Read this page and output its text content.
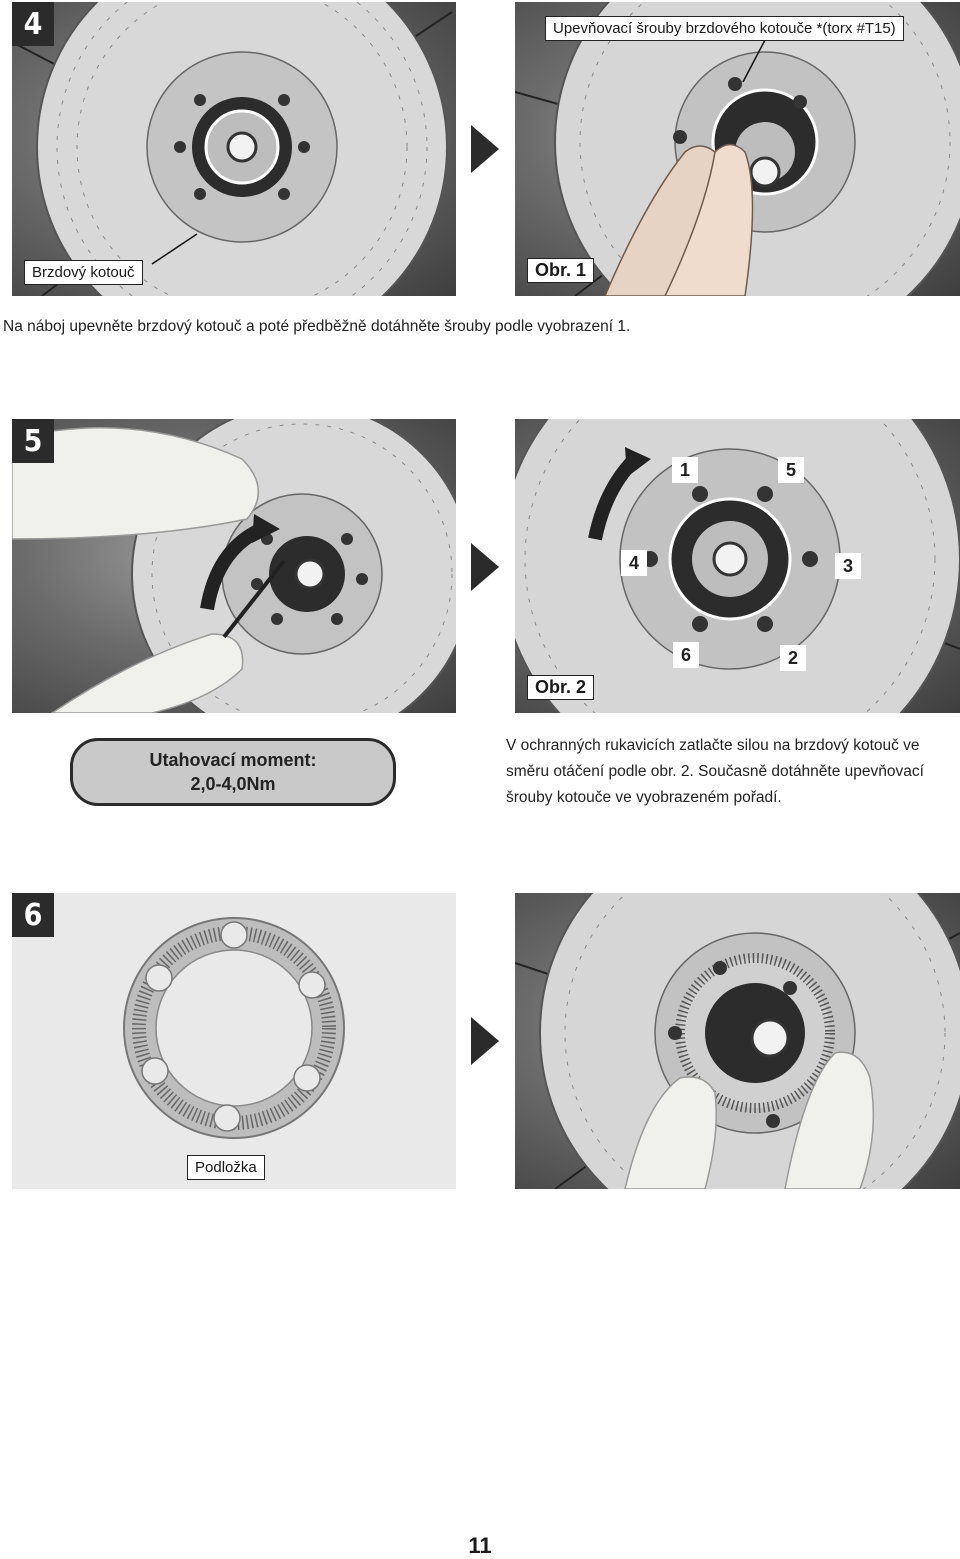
4
Brzdový kotouč
Upevňovací šrouby brzdového kotouče *(torx #T15)
Obr. 1
Na náboj upevněte brzdový kotouč a poté předběžně dotáhněte šrouby podle vyobrazení 1.
5
1	5
4	3
6	2
Obr. 2
Utahovací moment:
2,0-4,0Nm
V ochranných rukavicích zatlačte silou na brzdový kotouč ve směru otáčení podle obr. 2. Současně dotáhněte upevňovací šrouby kotouče ve vyobrazeném pořadí.
6
Podložka
11
